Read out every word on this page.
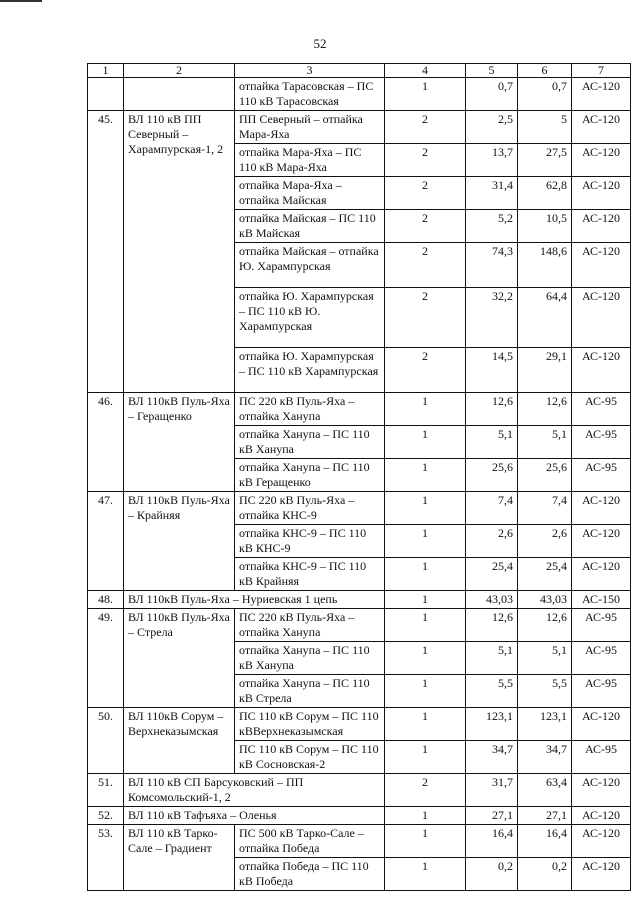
52
1	2	3	4	5	6	7
		отпайка Тарасовская – ПС 110 кВ Тарасовская	1	0,7	0,7	АС-120
45.	ВЛ 110 кВ ПП Северный – Харампурская-1, 2	ПП Северный – отпайка Мара-Яха	2	2,5	5	АС-120
		отпайка Мара-Яха – ПС 110 кВ Мара-Яха	2	13,7	27,5	АС-120
		отпайка Мара-Яха – отпайка Майская	2	31,4	62,8	АС-120
		отпайка Майская – ПС 110 кВ Майская	2	5,2	10,5	АС-120
		отпайка Майская – отпайка Ю. Харампурская	2	74,3	148,6	АС-120
		отпайка Ю. Харампурская – ПС 110 кВ Ю. Харампурская	2	32,2	64,4	АС-120
		отпайка Ю. Харампурская – ПС 110 кВ Харампурская	2	14,5	29,1	АС-120
46.	ВЛ 110кВ Пуль-Яха – Геращенко	ПС 220 кВ Пуль-Яха – отпайка Ханупа	1	12,6	12,6	АС-95
		отпайка Ханупа – ПС 110 кВ Ханупа	1	5,1	5,1	АС-95
		отпайка Ханупа – ПС 110 кВ Геращенко	1	25,6	25,6	АС-95
47.	ВЛ 110кВ Пуль-Яха – Крайняя	ПС 220 кВ Пуль-Яха – отпайка КНС-9	1	7,4	7,4	АС-120
		отпайка КНС-9 – ПС 110 кВ КНС-9	1	2,6	2,6	АС-120
		отпайка КНС-9 – ПС 110 кВ Крайняя	1	25,4	25,4	АС-120
48.	ВЛ 110кВ Пуль-Яха – Нуриевская 1 цепь		1	43,03	43,03	АС-150
49.	ВЛ 110кВ Пуль-Яха – Стрела	ПС 220 кВ Пуль-Яха – отпайка Ханупа	1	12,6	12,6	АС-95
		отпайка Ханупа – ПС 110 кВ Ханупа	1	5,1	5,1	АС-95
		отпайка Ханупа – ПС 110 кВ Стрела	1	5,5	5,5	АС-95
50.	ВЛ 110кВ Сорум – Верхнеказымская	ПС 110 кВ Сорум – ПС 110 кВВерхнеказымская	1	123,1	123,1	АС-120
		ПС 110 кВ Сорум – ПС 110 кВ Сосновская-2	1	34,7	34,7	АС-95
51.	ВЛ 110 кВ СП Барсуковский – ПП Комсомольский-1, 2		2	31,7	63,4	АС-120
52.	ВЛ 110 кВ Тафъяха – Оленья		1	27,1	27,1	АС-120
53.	ВЛ 110 кВ Тарко-Сале – Градиент	ПС 500 кВ Тарко-Сале – отпайка Победа	1	16,4	16,4	АС-120
		отпайка Победа – ПС 110 кВ Победа	1	0,2	0,2	АС-120
